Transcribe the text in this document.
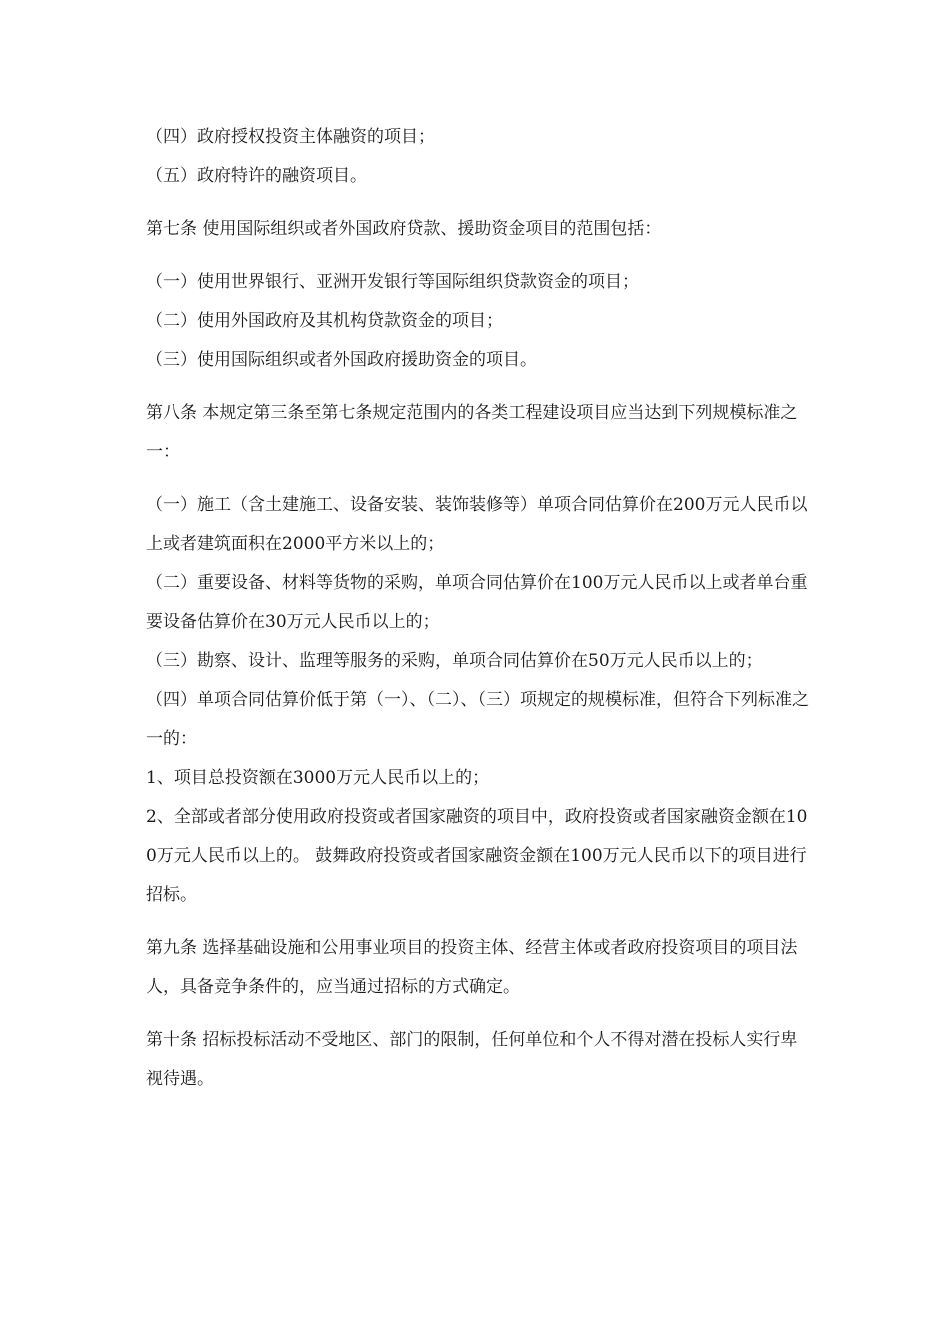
（四）政府授权投资主体融资的项目；

（五）政府特许的融资项目。

第七条 使用国际组织或者外国政府贷款、援助资金项目的范围包括：

（一）使用世界银行、亚洲开发银行等国际组织贷款资金的项目；

（二）使用外国政府及其机构贷款资金的项目；

（三）使用国际组织或者外国政府援助资金的项目。

第八条 本规定第三条至第七条规定范围内的各类工程建设项目应当达到下列规模标准之一：

（一）施工（含土建施工、设备安装、装饰装修等）单项合同估算价在200万元人民币以上或者建筑面积在2000平方米以上的；

（二）重要设备、材料等货物的采购，单项合同估算价在100万元人民币以上或者单台重要设备估算价在30万元人民币以上的；

（三）勘察、设计、监理等服务的采购，单项合同估算价在50万元人民币以上的；

（四）单项合同估算价低于第（一）、（二）、（三）项规定的规模标准，但符合下列标准之一的：

1、项目总投资额在3000万元人民币以上的；

2、全部或者部分使用政府投资或者国家融资的项目中，政府投资或者国家融资金额在100万元人民币以上的。 鼓舞政府投资或者国家融资金额在100万元人民币以下的项目进行招标。

第九条 选择基础设施和公用事业项目的投资主体、经营主体或者政府投资项目的项目法人，具备竞争条件的，应当通过招标的方式确定。

第十条 招标投标活动不受地区、部门的限制，任何单位和个人不得对潜在投标人实行卑视待遇。
